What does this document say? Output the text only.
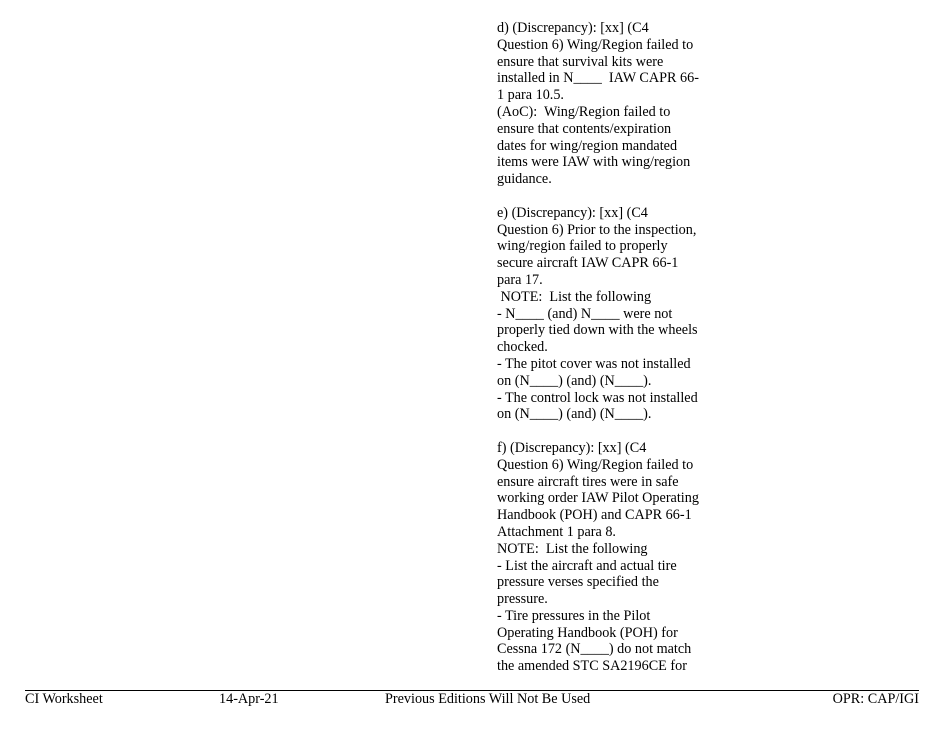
d) (Discrepancy): [xx] (C4
Question 6) Wing/Region failed to
ensure that survival kits were
installed in N____  IAW CAPR 66-
1 para 10.5.
(AoC):  Wing/Region failed to
ensure that contents/expiration
dates for wing/region mandated
items were IAW with wing/region
guidance.
e) (Discrepancy): [xx] (C4
Question 6) Prior to the inspection,
wing/region failed to properly
secure aircraft IAW CAPR 66-1
para 17.
NOTE:  List the following
- N____ (and) N____ were not
properly tied down with the wheels
chocked.
- The pitot cover was not installed
on (N____) (and) (N____).
- The control lock was not installed
on (N____) (and) (N____).
f) (Discrepancy): [xx] (C4
Question 6) Wing/Region failed to
ensure aircraft tires were in safe
working order IAW Pilot Operating
Handbook (POH) and CAPR 66-1
Attachment 1 para 8.
NOTE:  List the following
- List the aircraft and actual tire
pressure verses specified the
pressure.
- Tire pressures in the Pilot
Operating Handbook (POH) for
Cessna 172 (N____) do not match
the amended STC SA2196CE for
CI Worksheet	14-Apr-21	Previous Editions Will Not Be Used	OPR: CAP/IGI
